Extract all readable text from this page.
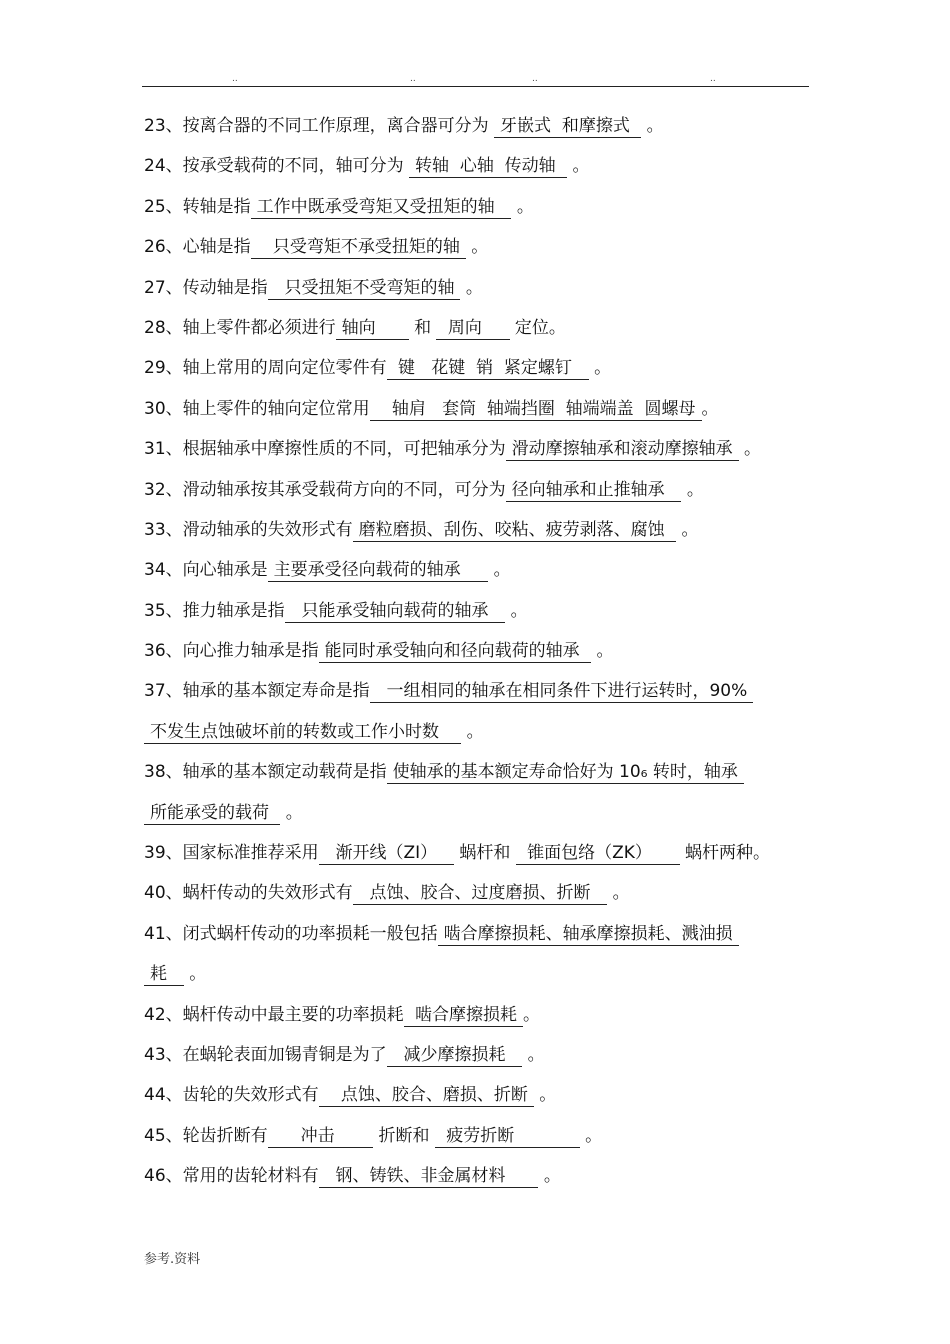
..	..	..	..
23、按离合器的不同工作原理，离合器可分为 牙嵌式  和摩擦式  。
24、按承受载荷的不同，轴可分为 转轴  心轴  传动轴  。
25、转轴是指 工作中既承受弯矩又受扭矩的轴   。
26、心轴是指   只受弯矩不承受扭矩的轴 。
27、传动轴是指  只受扭矩不受弯矩的轴 。
28、轴上零件都必须进行 轴向      和  周向     定位。
29、轴上常用的周向定位零件有 键   花键  销  紧定螺钉   。
30、轴上零件的轴向定位常用   轴肩   套筒  轴端挡圈  轴端端盖  圆螺母 。
31、根据轴承中摩擦性质的不同，可把轴承分为 滑动摩擦轴承和滚动摩擦轴承 。
32、滑动轴承按其承受载荷方向的不同，可分为 径向轴承和止推轴承   。
33、滑动轴承的失效形式有 磨粒磨损、刮伤、咬粘、疲劳剥落、腐蚀  。
34、向心轴承是 主要承受径向载荷的轴承     。
35、推力轴承是指  只能承受轴向载荷的轴承   。
36、向心推力轴承是指 能同时承受轴向和径向载荷的轴承  。
37、轴承的基本额定寿命是指  一组相同的轴承在相同条件下进行运转时，90%
不发生点蚀破坏前的转数或工作小时数    。
38、轴承的基本额定动载荷是指 使轴承的基本额定寿命恰好为 10₆ 转时，轴承
所能承受的载荷  。
39、国家标准推荐采用  渐开线（ZI）   蜗杆和  锥面包络（ZK）     蜗杆两种。
40、蜗杆传动的失效形式有  点蚀、胶合、过度磨损、折断   。
41、闭式蜗杆传动的功率损耗一般包括 啮合摩擦损耗、轴承摩擦损耗、溅油损
耗   。
42、蜗杆传动中最主要的功率损耗 啮合摩擦损耗 。
43、在蜗轮表面加锡青铜是为了  减少摩擦损耗   。
44、齿轮的失效形式有   点蚀、胶合、磨损、折断 。
45、轮齿折断有     冲击       折断和  疲劳折断            。
46、常用的齿轮材料有  钢、铸铁、非金属材料      。
参考.资料
